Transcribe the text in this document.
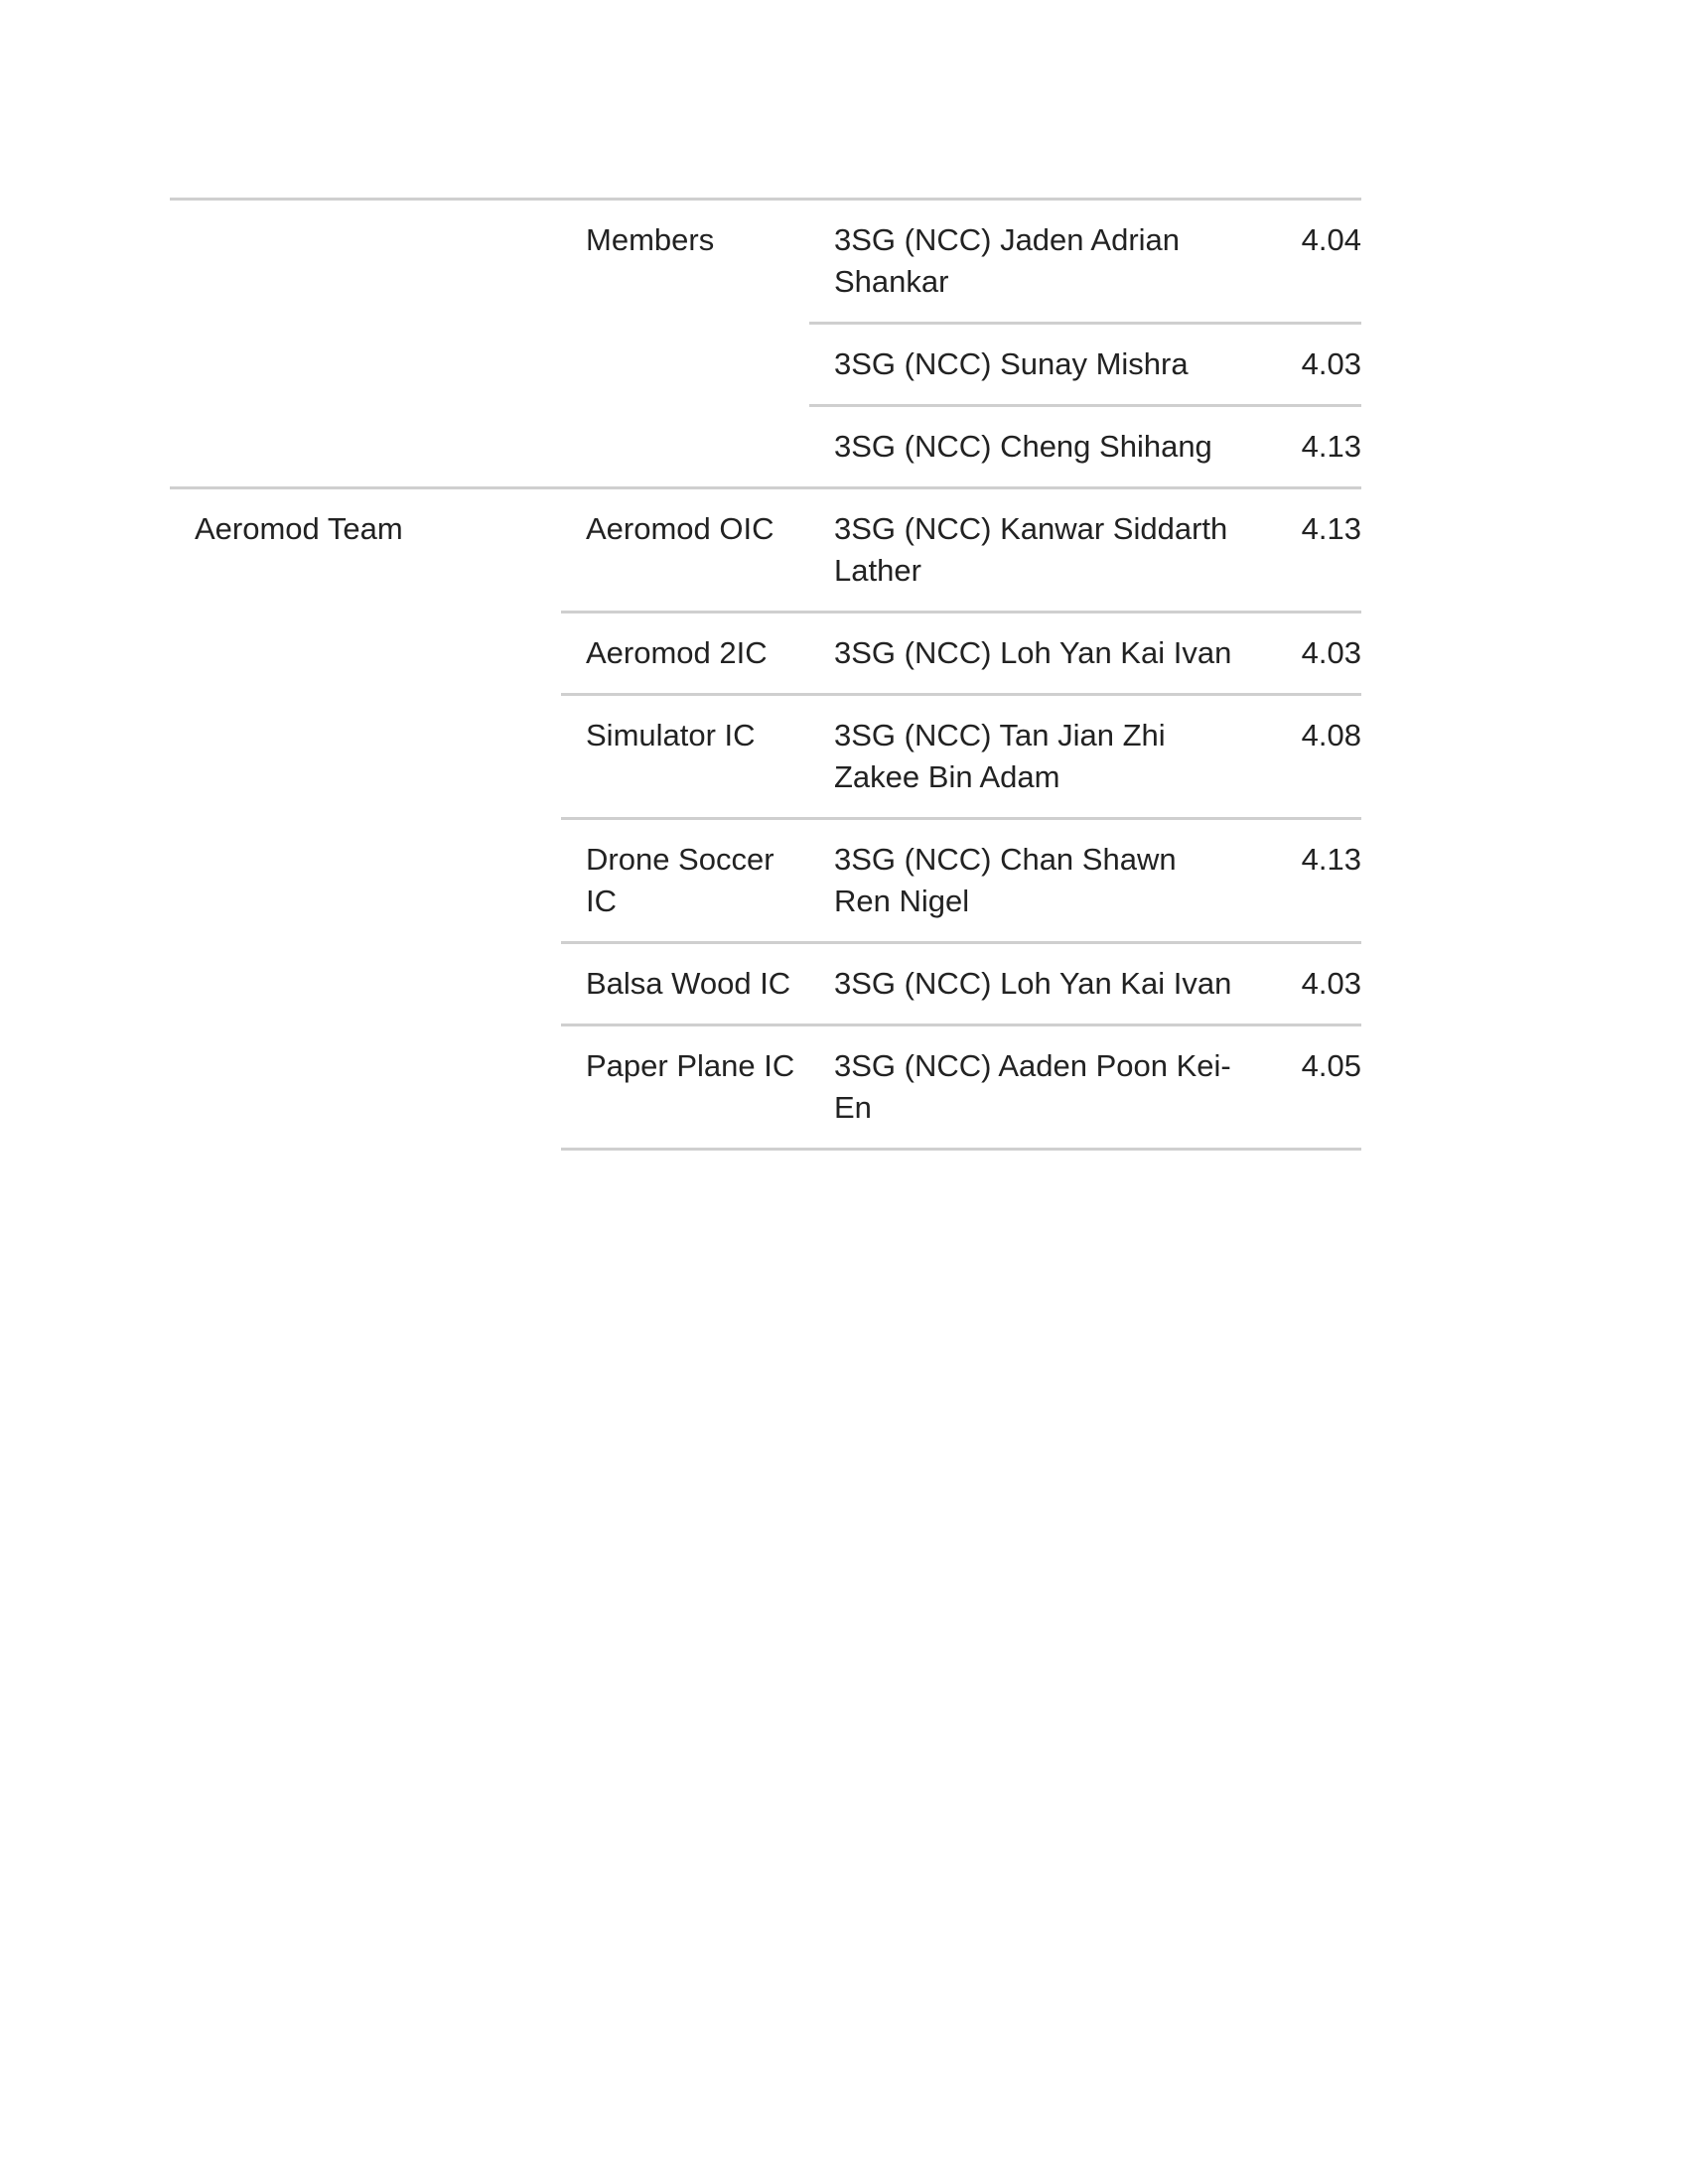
	Members	3SG (NCC) Jaden Adrian Shankar	4.04
		3SG (NCC) Sunay Mishra	4.03
		3SG (NCC) Cheng Shihang	4.13
Aeromod Team	Aeromod OIC	3SG (NCC) Kanwar Siddarth Lather	4.13
	Aeromod 2IC	3SG (NCC) Loh Yan Kai Ivan	4.03
	Simulator IC	3SG (NCC) Tan Jian Zhi Zakee Bin Adam	4.08
	Drone Soccer IC	3SG (NCC) Chan Shawn Ren Nigel	4.13
	Balsa Wood IC	3SG (NCC) Loh Yan Kai Ivan	4.03
	Paper Plane IC	3SG (NCC) Aaden Poon Kei-En	4.05
